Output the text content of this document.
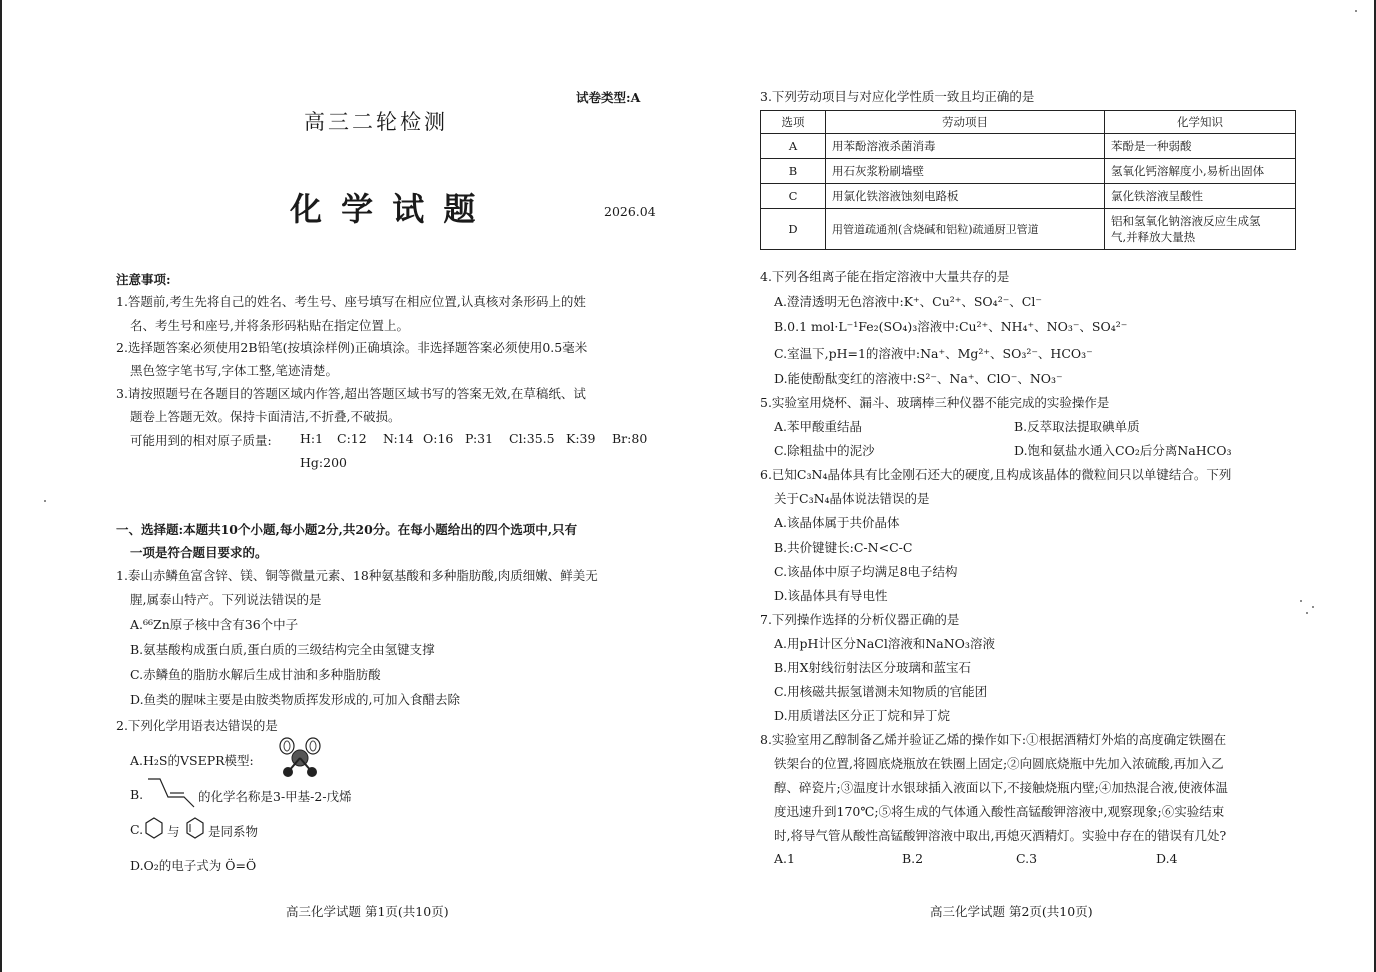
试卷类型:A
高三二轮检测
化 学 试 题	2026.04
注意事项:
1.答题前,考生先将自己的姓名、考生号、座号填写在相应位置,认真核对条形码上的姓
名、考生号和座号,并将条形码粘贴在指定位置上。
2.选择题答案必须使用2B铅笔(按填涂样例)正确填涂。非选择题答案必须使用0.5毫米
黑色签字笔书写,字体工整,笔迹清楚。
3.请按照题号在各题目的答题区域内作答,超出答题区域书写的答案无效,在草稿纸、试
题卷上答题无效。保持卡面清洁,不折叠,不破损。
可能用到的相对原子质量: H:1 C:12 N:14 O:16 P:31 Cl:35.5 K:39 Br:80
Hg:200
一、选择题:本题共10个小题,每小题2分,共20分。在每小题给出的四个选项中,只有
一项是符合题目要求的。
1.泰山赤鳞鱼富含锌、镁、铜等微量元素、18种氨基酸和多种脂肪酸,肉质细嫩、鲜美无
腥,属泰山特产。下列说法错误的是
A.⁶⁶Zn原子核中含有36个中子
B.氨基酸构成蛋白质,蛋白质的三级结构完全由氢键支撑
C.赤鳞鱼的脂肪水解后生成甘油和多种脂肪酸
D.鱼类的腥味主要是由胺类物质挥发形成的,可加入食醋去除
2.下列化学用语表达错误的是
A.H₂S的VSEPR模型:
B.	的化学名称是3-甲基-2-戊烯
C. 与 是同系物
D.O₂的电子式为 Ö=Ö
高三化学试题 第1页(共10页)
3.下列劳动项目与对应化学性质一致且均正确的是
选项	劳动项目	化学知识
A	用苯酚溶液杀菌消毒	苯酚是一种弱酸
B	用石灰浆粉刷墙壁	氢氧化钙溶解度小,易析出固体
C	用氯化铁溶液蚀刻电路板	氯化铁溶液呈酸性
D	用管道疏通剂(含烧碱和铝粒)疏通厨卫管道	铝和氢氧化钠溶液反应生成氢
气,并释放大量热
4.下列各组离子能在指定溶液中大量共存的是
A.澄清透明无色溶液中:K⁺、Cu²⁺、SO₄²⁻、Cl⁻
B.0.1 mol·L⁻¹Fe₂(SO₄)₃溶液中:Cu²⁺、NH₄⁺、NO₃⁻、SO₄²⁻
C.室温下,pH=1的溶液中:Na⁺、Mg²⁺、SO₃²⁻、HCO₃⁻
D.能使酚酞变红的溶液中:S²⁻、Na⁺、ClO⁻、NO₃⁻
5.实验室用烧杯、漏斗、玻璃棒三种仪器不能完成的实验操作是
A.苯甲酸重结晶	B.反萃取法提取碘单质
C.除粗盐中的泥沙	D.饱和氨盐水通入CO₂后分离NaHCO₃
6.已知C₃N₄晶体具有比金刚石还大的硬度,且构成该晶体的微粒间只以单键结合。下列
关于C₃N₄晶体说法错误的是
A.该晶体属于共价晶体
B.共价键键长:C-N<C-C
C.该晶体中原子均满足8电子结构
D.该晶体具有导电性
7.下列操作选择的分析仪器正确的是
A.用pH计区分NaCl溶液和NaNO₃溶液
B.用X射线衍射法区分玻璃和蓝宝石
C.用核磁共振氢谱测未知物质的官能团
D.用质谱法区分正丁烷和异丁烷
8.实验室用乙醇制备乙烯并验证乙烯的操作如下:①根据酒精灯外焰的高度确定铁圈在
铁架台的位置,将圆底烧瓶放在铁圈上固定;②向圆底烧瓶中先加入浓硫酸,再加入乙
醇、碎瓷片;③温度计水银球插入液面以下,不接触烧瓶内壁;④加热混合液,使液体温
度迅速升到170℃;⑤将生成的气体通入酸性高锰酸钾溶液中,观察现象;⑥实验结束
时,将导气管从酸性高锰酸钾溶液中取出,再熄灭酒精灯。实验中存在的错误有几处?
A.1	B.2	C.3	D.4
高三化学试题 第2页(共10页)
